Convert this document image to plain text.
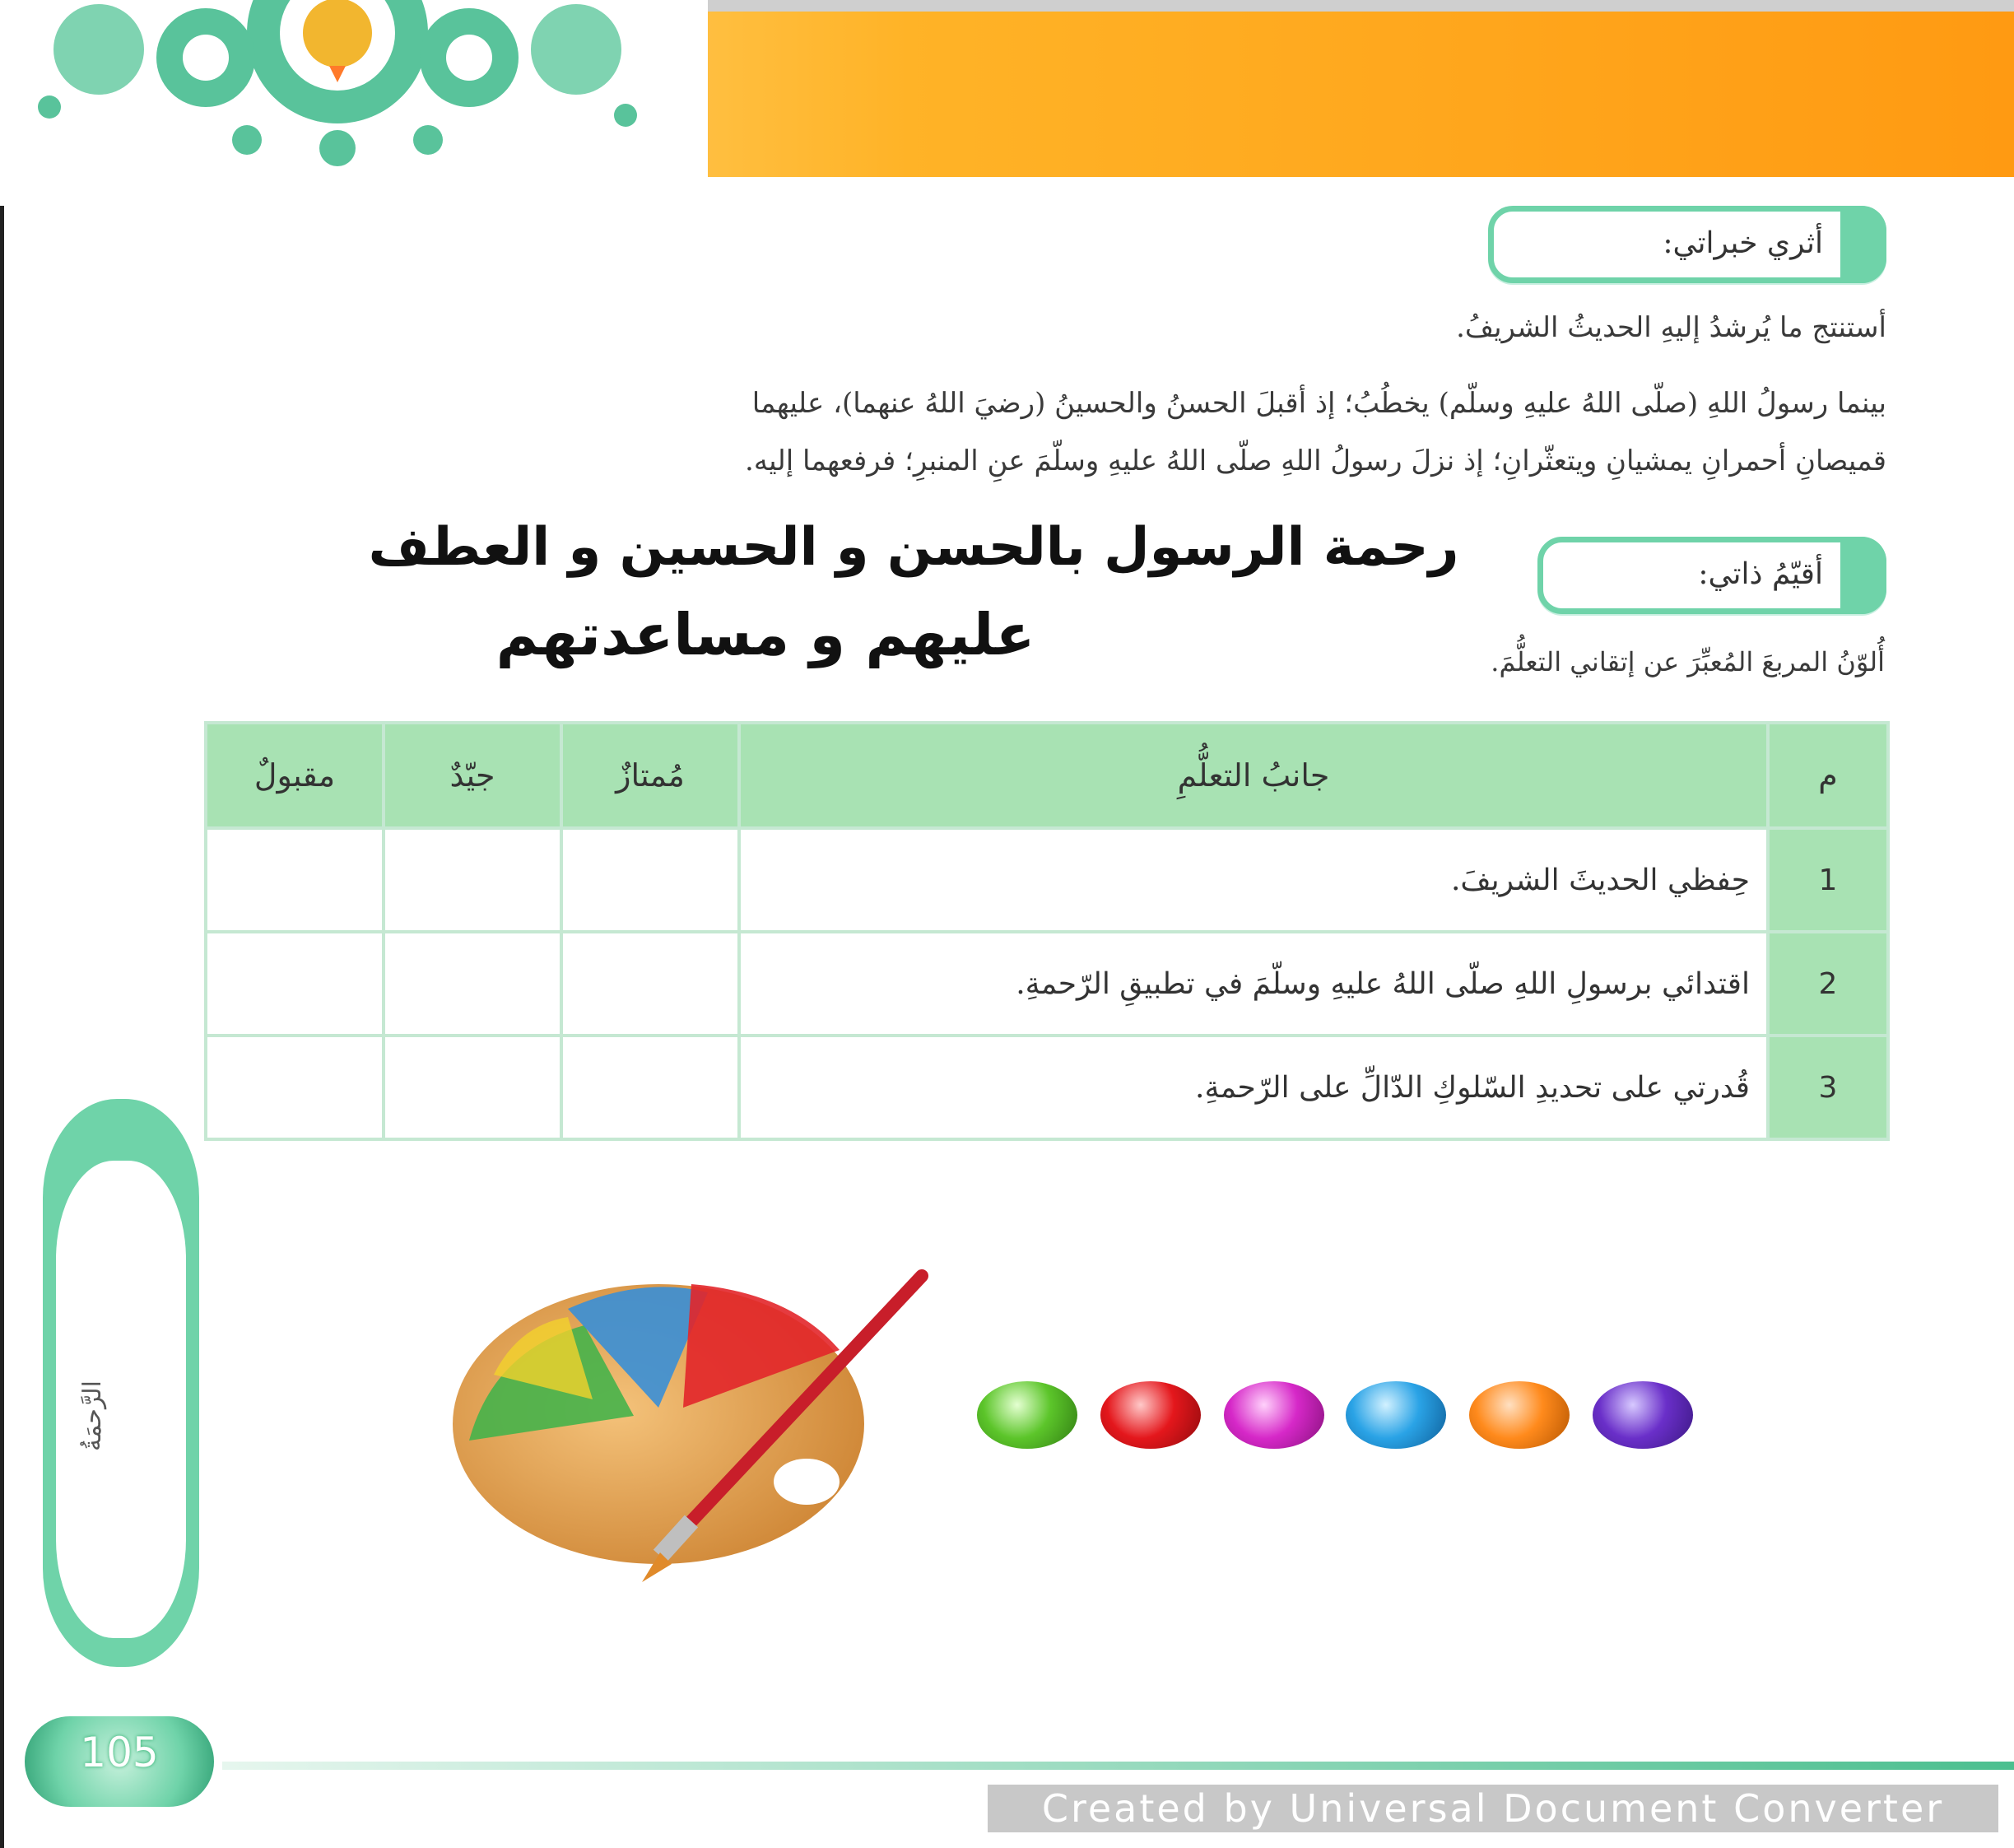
أثري خبراتي:
أستنتج ما يُرشدُ إليهِ الحديثُ الشريفُ.
بينما رسولُ اللهِ (صلّى اللهُ عليهِ وسلّم) يخطُبُ؛ إذ أقبلَ الحسنُ والحسينُ (رضيَ اللهُ عنهما)، عليهما
قميصانِ أحمرانِ يمشيانِ ويتعثّرانِ؛ إذ نزلَ رسولُ اللهِ صلّى اللهُ عليهِ وسلّمَ عنِ المنبرِ؛ فرفعهما إليه.
أقيّمُ ذاتي:
رحمة الرسول بالحسن و الحسين و العطف
عليهم و مساعدتهم	أُلوّنُ المربعَ المُعبِّرَ عن إتقاني التعلُّمَ.
م	جانبُ التعلُّمِ	مُمتازٌ	جيّدٌ	مقبولٌ
1	حِفظي الحديثَ الشريفَ.			
2	اقتدائي برسولِ اللهِ صلّى اللهُ عليهِ وسلّمَ في تطبيقِ الرّحمةِ.			
3	قُدرتي على تحديدِ السّلوكِ الدّالِّ على الرّحمةِ.			
الرَّحمَةُ
105
Created by Universal Document Converter
